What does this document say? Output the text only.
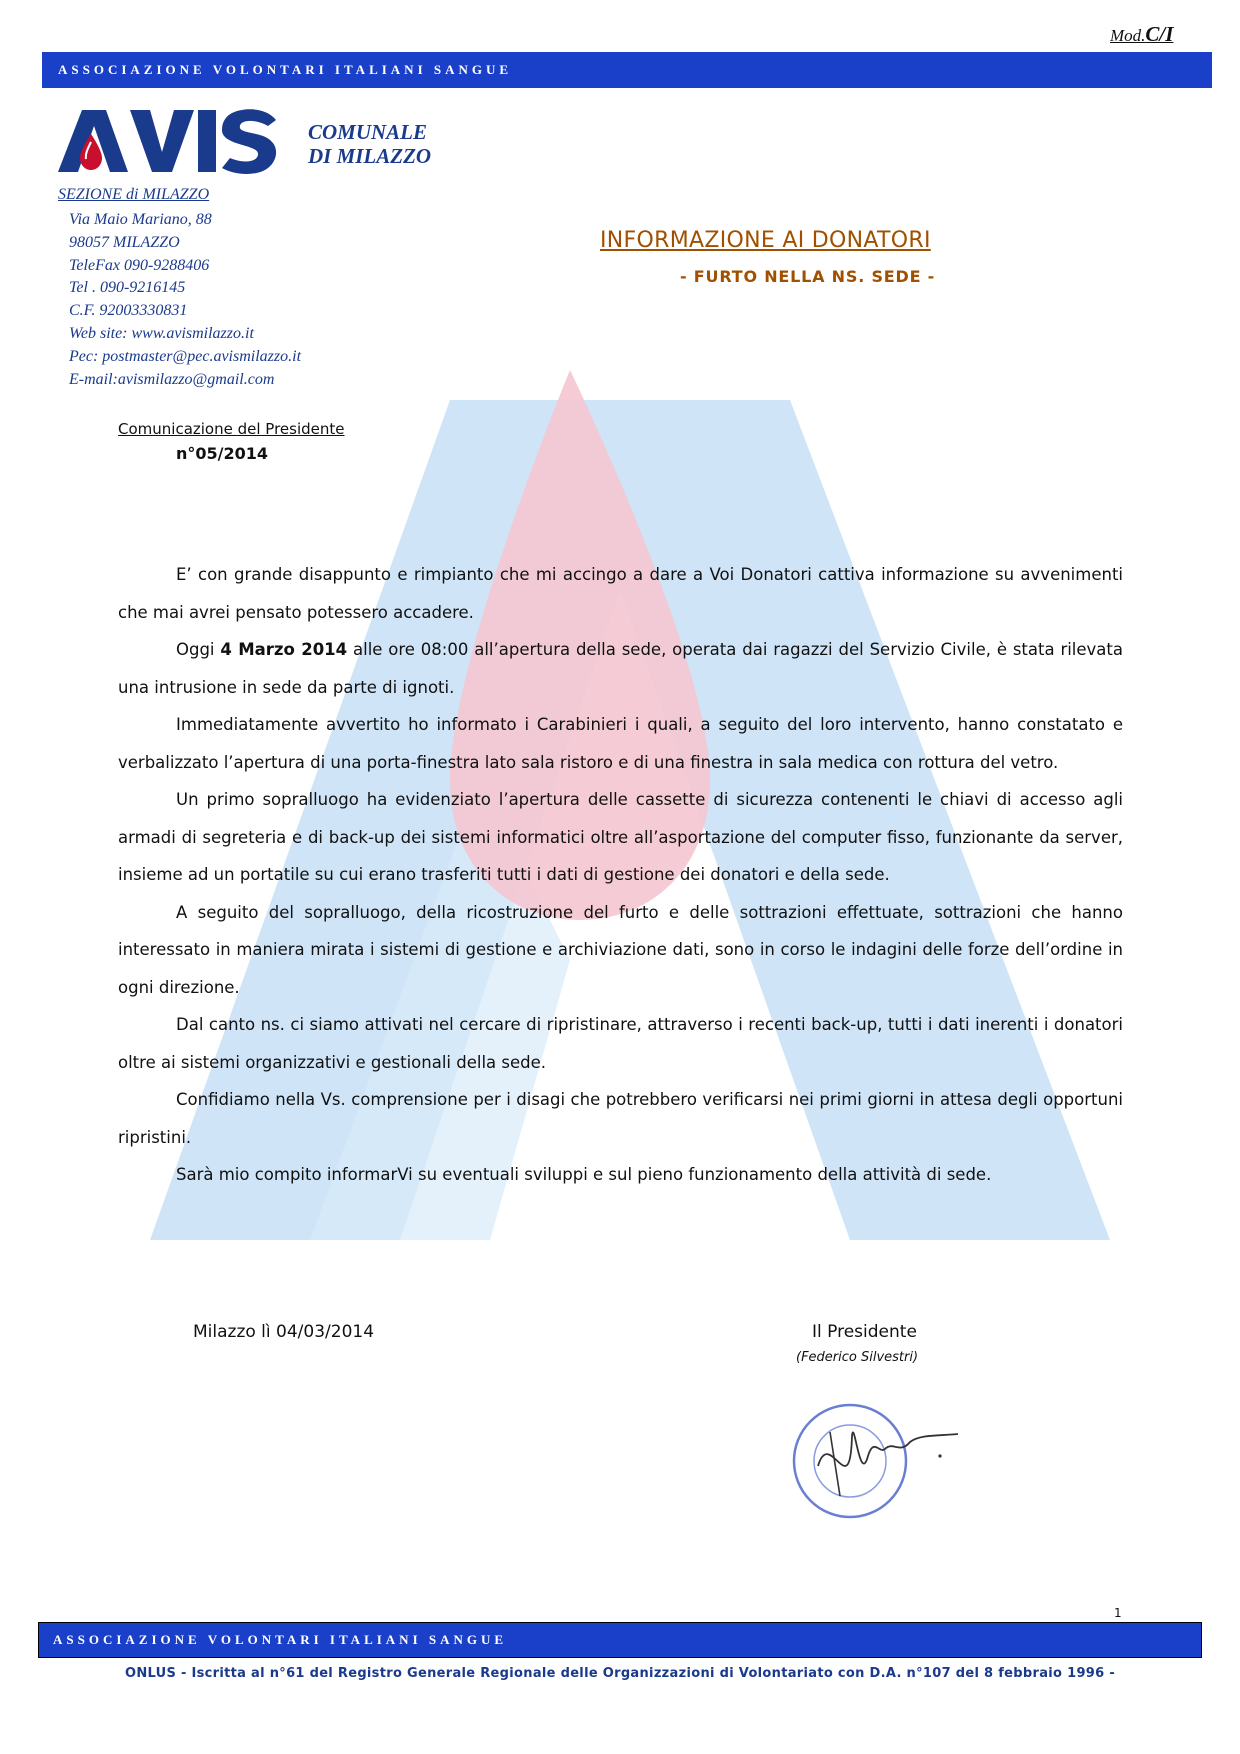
Mod.C/I
ASSOCIAZIONE VOLONTARI ITALIANI SANGUE
COMUNALE
DI MILAZZO
SEZIONE di MILAZZO
Via Maio Mariano, 88
98057 MILAZZO
TeleFax 090-9288406
Tel . 090-9216145
C.F. 92003330831
Web site: www.avismilazzo.it
Pec: postmaster@pec.avismilazzo.it
E-mail:avismilazzo@gmail.com
INFORMAZIONE AI DONATORI
- FURTO NELLA NS. SEDE -
Comunicazione del Presidente
n°05/2014

E’ con grande disappunto e rimpianto che mi accingo a dare a Voi Donatori cattiva informazione su avvenimenti che mai avrei pensato potessero accadere.

Oggi 4 Marzo 2014 alle ore 08:00 all’apertura della sede, operata dai ragazzi del Servizio Civile, è stata rilevata una intrusione in sede da parte di ignoti.

Immediatamente avvertito ho informato i Carabinieri i quali, a seguito del loro intervento, hanno constatato e verbalizzato l’apertura di una porta-finestra lato sala ristoro e di una finestra in sala medica con rottura del vetro.

Un primo sopralluogo ha evidenziato l’apertura delle cassette di sicurezza contenenti le chiavi di accesso agli armadi di segreteria e di back-up dei sistemi informatici oltre all’asportazione del computer fisso, funzionante da server, insieme ad un portatile su cui erano trasferiti tutti i dati di gestione dei donatori e della sede.

A seguito del sopralluogo, della ricostruzione del furto e delle sottrazioni effettuate, sottrazioni che hanno interessato in maniera mirata i sistemi di gestione e archiviazione dati, sono in corso le indagini delle forze dell’ordine in ogni direzione.

Dal canto ns. ci siamo attivati nel cercare di ripristinare, attraverso i recenti back-up, tutti i dati inerenti i donatori oltre ai sistemi organizzativi e gestionali della sede.

Confidiamo nella Vs. comprensione per i disagi che potrebbero verificarsi nei primi giorni in attesa degli opportuni ripristini.

Sarà mio compito informarVi su eventuali sviluppi e sul pieno funzionamento della attività di sede.

Milazzo lì 04/03/2014	Il Presidente
(Federico Silvestri)
1
ASSOCIAZIONE VOLONTARI ITALIANI SANGUE
ONLUS - Iscritta al n°61 del Registro Generale Regionale delle Organizzazioni di Volontariato con D.A. n°107 del 8 febbraio 1996 -
